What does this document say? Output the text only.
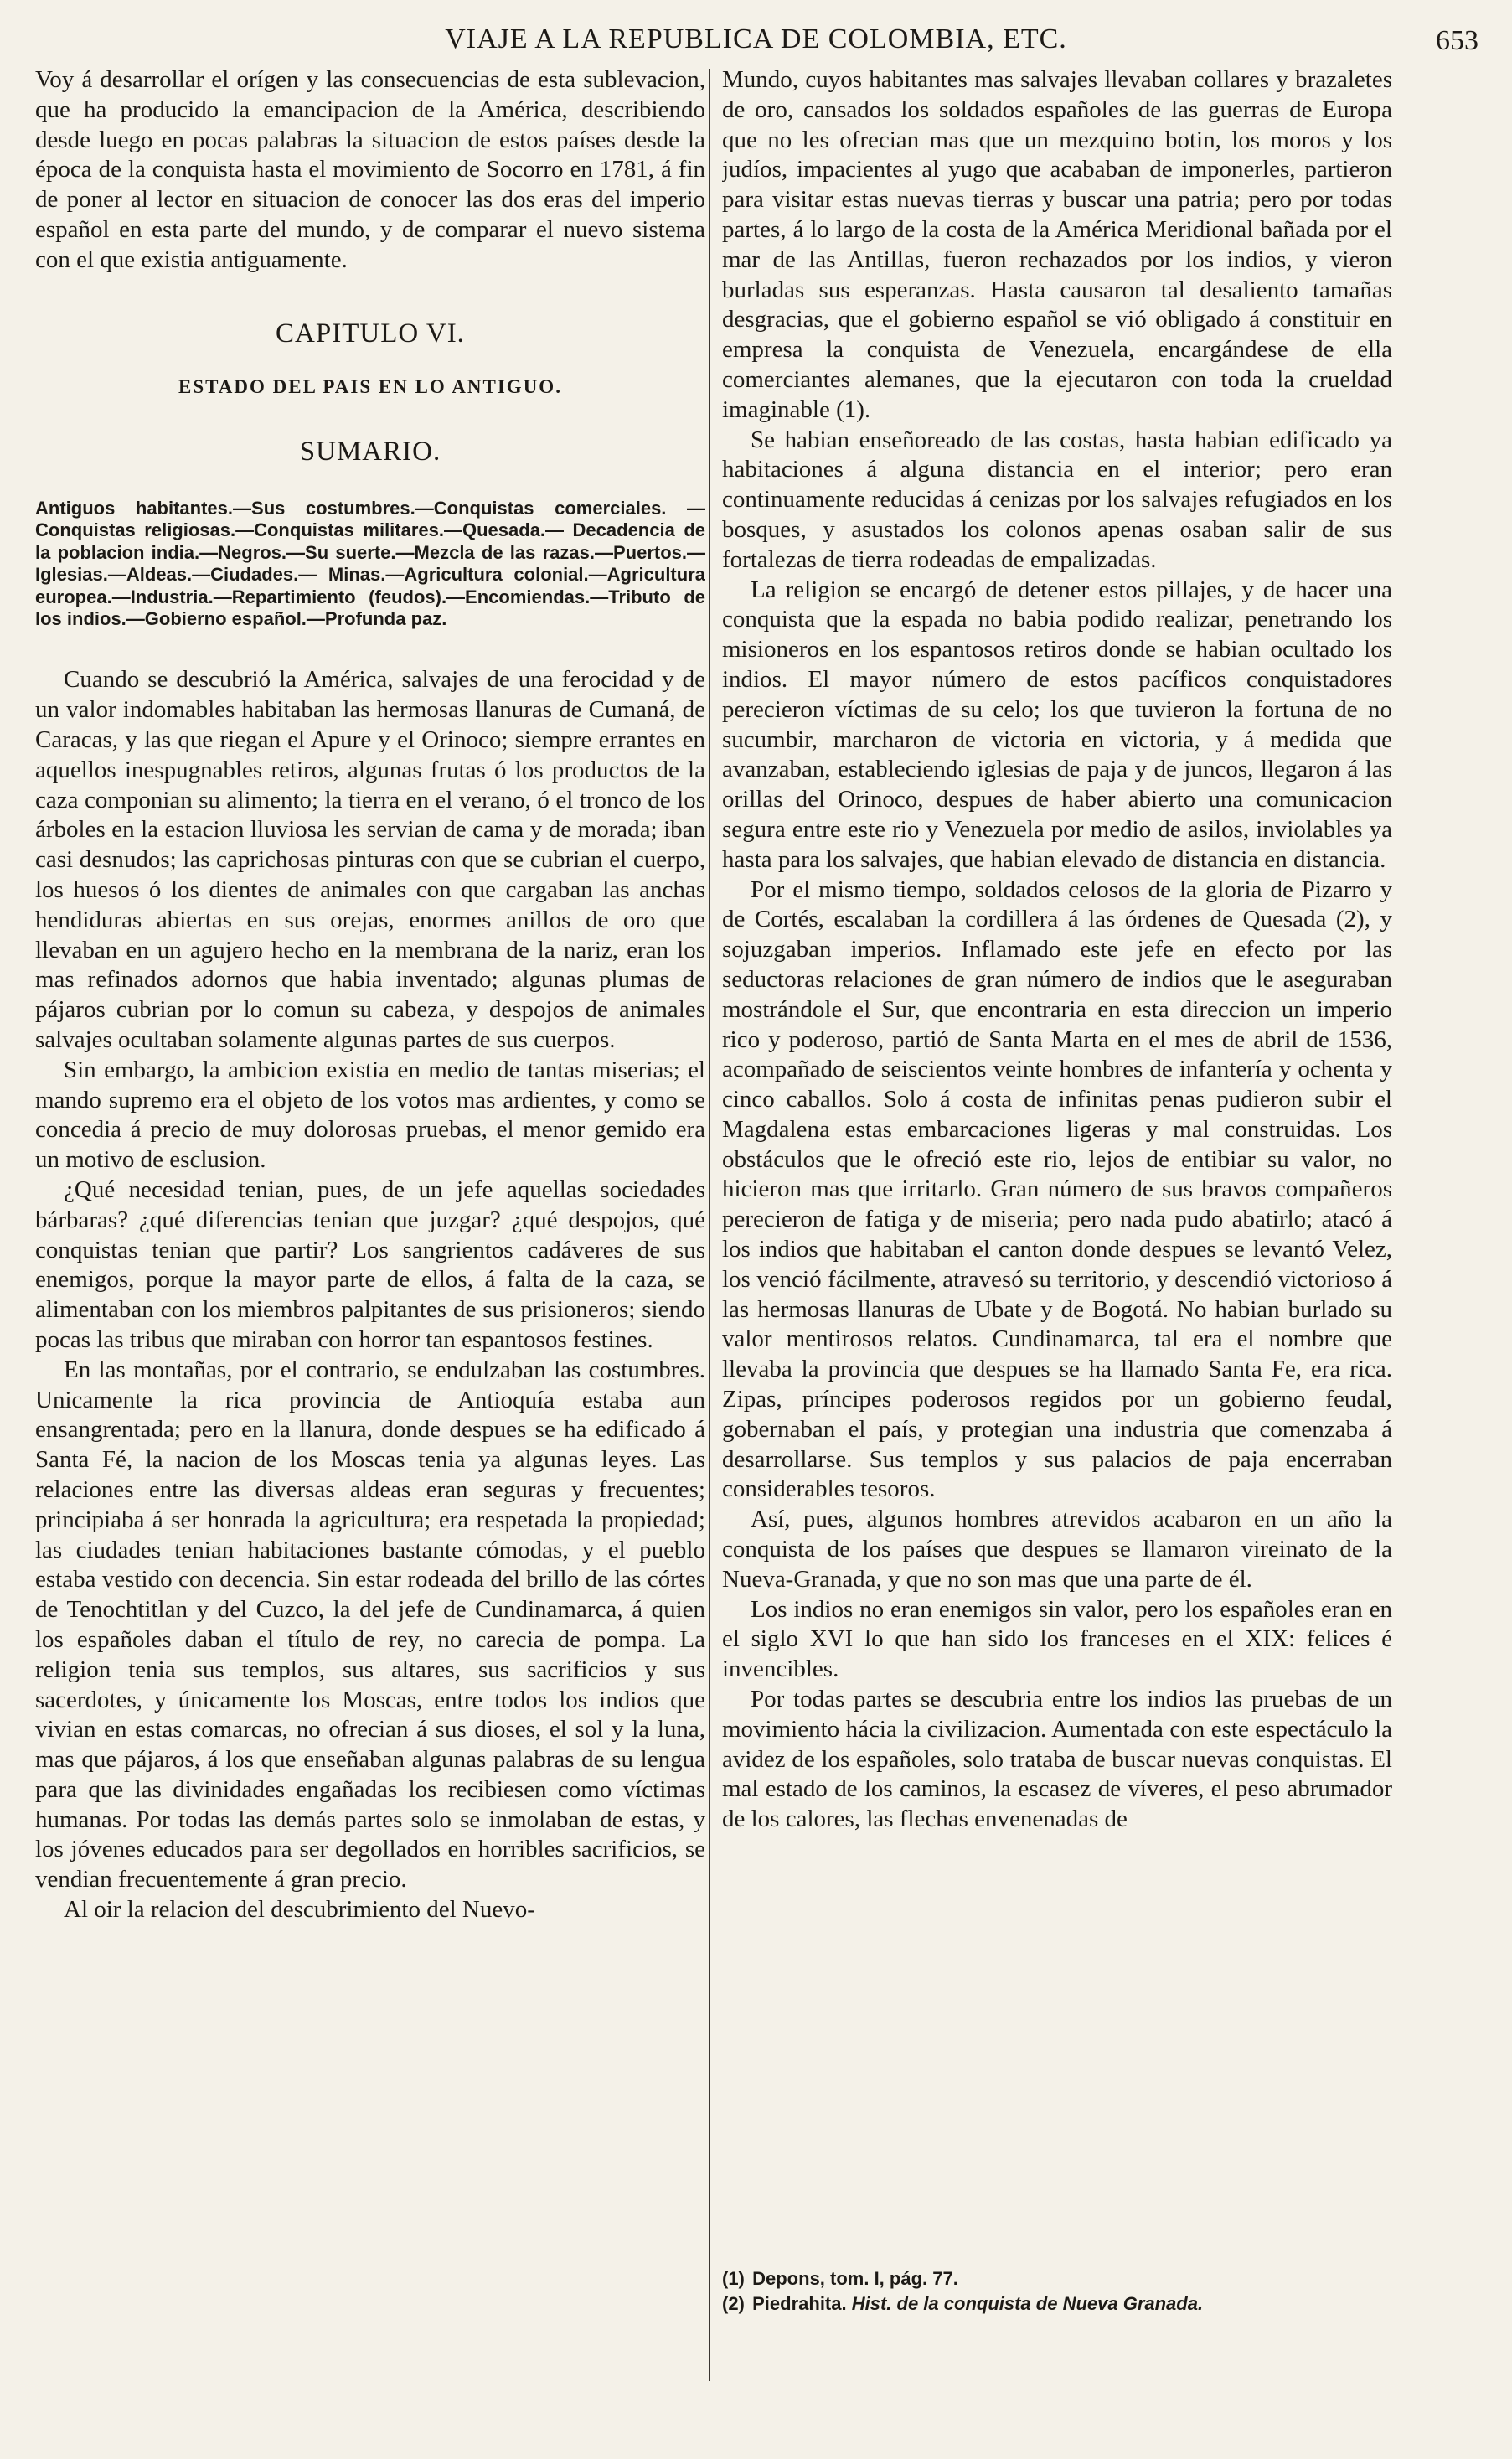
VIAJE A LA REPUBLICA DE COLOMBIA, ETC.	653

Voy á desarrollar el orígen y las consecuencias de esta sublevacion, que ha producido la emancipacion de la América, describiendo desde luego en pocas palabras la situacion de estos países desde la época de la conquista hasta el movimiento de Socorro en 1781, á fin de poner al lector en situacion de conocer las dos eras del imperio español en esta parte del mundo, y de comparar el nuevo sistema con el que existia antiguamente.

CAPITULO VI.
ESTADO DEL PAIS EN LO ANTIGUO.
SUMARIO.
Antiguos habitantes.—Sus costumbres.—Conquistas comerciales. —Conquistas religiosas.—Conquistas militares.—Quesada.— Decadencia de la poblacion india.—Negros.—Su suerte.—Mezcla de las razas.—Puertos.—Iglesias.—Aldeas.—Ciudades.— Minas.—Agricultura colonial.—Agricultura europea.—Industria.—Repartimiento (feudos).—Encomiendas.—Tributo de los indios.—Gobierno español.—Profunda paz.

Cuando se descubrió la América, salvajes de una ferocidad y de un valor indomables habitaban las hermosas llanuras de Cumaná, de Caracas, y las que riegan el Apure y el Orinoco; siempre errantes en aquellos inespugnables retiros, algunas frutas ó los productos de la caza componian su alimento; la tierra en el verano, ó el tronco de los árboles en la estacion lluviosa les servian de cama y de morada; iban casi desnudos; las caprichosas pinturas con que se cubrian el cuerpo, los huesos ó los dientes de animales con que cargaban las anchas hendiduras abiertas en sus orejas, enormes anillos de oro que llevaban en un agujero hecho en la membrana de la nariz, eran los mas refinados adornos que habia inventado; algunas plumas de pájaros cubrian por lo comun su cabeza, y despojos de animales salvajes ocultaban solamente algunas partes de sus cuerpos.

Sin embargo, la ambicion existia en medio de tantas miserias; el mando supremo era el objeto de los votos mas ardientes, y como se concedia á precio de muy dolorosas pruebas, el menor gemido era un motivo de esclusion.

¿Qué necesidad tenian, pues, de un jefe aquellas sociedades bárbaras? ¿qué diferencias tenian que juzgar? ¿qué despojos, qué conquistas tenian que partir? Los sangrientos cadáveres de sus enemigos, porque la mayor parte de ellos, á falta de la caza, se alimentaban con los miembros palpitantes de sus prisioneros; siendo pocas las tribus que miraban con horror tan espantosos festines.

En las montañas, por el contrario, se endulzaban las costumbres. Unicamente la rica provincia de Antioquía estaba aun ensangrentada; pero en la llanura, donde despues se ha edificado á Santa Fé, la nacion de los Moscas tenia ya algunas leyes. Las relaciones entre las diversas aldeas eran seguras y frecuentes; principiaba á ser honrada la agricultura; era respetada la propiedad; las ciudades tenian habitaciones bastante cómodas, y el pueblo estaba vestido con decencia. Sin estar rodeada del brillo de las córtes de Tenochtitlan y del Cuzco, la del jefe de Cundinamarca, á quien los españoles daban el título de rey, no carecia de pompa. La religion tenia sus templos, sus altares, sus sacrificios y sus sacerdotes, y únicamente los Moscas, entre todos los indios que vivian en estas comarcas, no ofrecian á sus dioses, el sol y la luna, mas que pájaros, á los que enseñaban algunas palabras de su lengua para que las divinidades engañadas los recibiesen como víctimas humanas. Por todas las demás partes solo se inmolaban de estas, y los jóvenes educados para ser degollados en horribles sacrificios, se vendian frecuentemente á gran precio.

Al oir la relacion del descubrimiento del Nuevo-

Mundo, cuyos habitantes mas salvajes llevaban collares y brazaletes de oro, cansados los soldados españoles de las guerras de Europa que no les ofrecian mas que un mezquino botin, los moros y los judíos, impacientes al yugo que acababan de imponerles, partieron para visitar estas nuevas tierras y buscar una patria; pero por todas partes, á lo largo de la costa de la América Meridional bañada por el mar de las Antillas, fueron rechazados por los indios, y vieron burladas sus esperanzas. Hasta causaron tal desaliento tamañas desgracias, que el gobierno español se vió obligado á constituir en empresa la conquista de Venezuela, encargándese de ella comerciantes alemanes, que la ejecutaron con toda la crueldad imaginable (1).

Se habian enseñoreado de las costas, hasta habian edificado ya habitaciones á alguna distancia en el interior; pero eran continuamente reducidas á cenizas por los salvajes refugiados en los bosques, y asustados los colonos apenas osaban salir de sus fortalezas de tierra rodeadas de empalizadas.

La religion se encargó de detener estos pillajes, y de hacer una conquista que la espada no babia podido realizar, penetrando los misioneros en los espantosos retiros donde se habian ocultado los indios. El mayor número de estos pacíficos conquistadores perecieron víctimas de su celo; los que tuvieron la fortuna de no sucumbir, marcharon de victoria en victoria, y á medida que avanzaban, estableciendo iglesias de paja y de juncos, llegaron á las orillas del Orinoco, despues de haber abierto una comunicacion segura entre este rio y Venezuela por medio de asilos, inviolables ya hasta para los salvajes, que habian elevado de distancia en distancia.

Por el mismo tiempo, soldados celosos de la gloria de Pizarro y de Cortés, escalaban la cordillera á las órdenes de Quesada (2), y sojuzgaban imperios. Inflamado este jefe en efecto por las seductoras relaciones de gran número de indios que le aseguraban mostrándole el Sur, que encontraria en esta direccion un imperio rico y poderoso, partió de Santa Marta en el mes de abril de 1536, acompañado de seiscientos veinte hombres de infantería y ochenta y cinco caballos. Solo á costa de infinitas penas pudieron subir el Magdalena estas embarcaciones ligeras y mal construidas. Los obstáculos que le ofreció este rio, lejos de entibiar su valor, no hicieron mas que irritarlo. Gran número de sus bravos compañeros perecieron de fatiga y de miseria; pero nada pudo abatirlo; atacó á los indios que habitaban el canton donde despues se levantó Velez, los venció fácilmente, atravesó su territorio, y descendió victorioso á las hermosas llanuras de Ubate y de Bogotá. No habian burlado su valor mentirosos relatos. Cundinamarca, tal era el nombre que llevaba la provincia que despues se ha llamado Santa Fe, era rica. Zipas, príncipes poderosos regidos por un gobierno feudal, gobernaban el país, y protegian una industria que comenzaba á desarrollarse. Sus templos y sus palacios de paja encerraban considerables tesoros.

Así, pues, algunos hombres atrevidos acabaron en un año la conquista de los países que despues se llamaron vireinato de la Nueva-Granada, y que no son mas que una parte de él.

Los indios no eran enemigos sin valor, pero los españoles eran en el siglo XVI lo que han sido los franceses en el XIX: felices é invencibles.

Por todas partes se descubria entre los indios las pruebas de un movimiento hácia la civilizacion. Aumentada con este espectáculo la avidez de los españoles, solo trataba de buscar nuevas conquistas. El mal estado de los caminos, la escasez de víveres, el peso abrumador de los calores, las flechas envenenadas de

(1) Depons, tom. I, pág. 77.
(2) Piedrahita. Hist. de la conquista de Nueva Granada.
